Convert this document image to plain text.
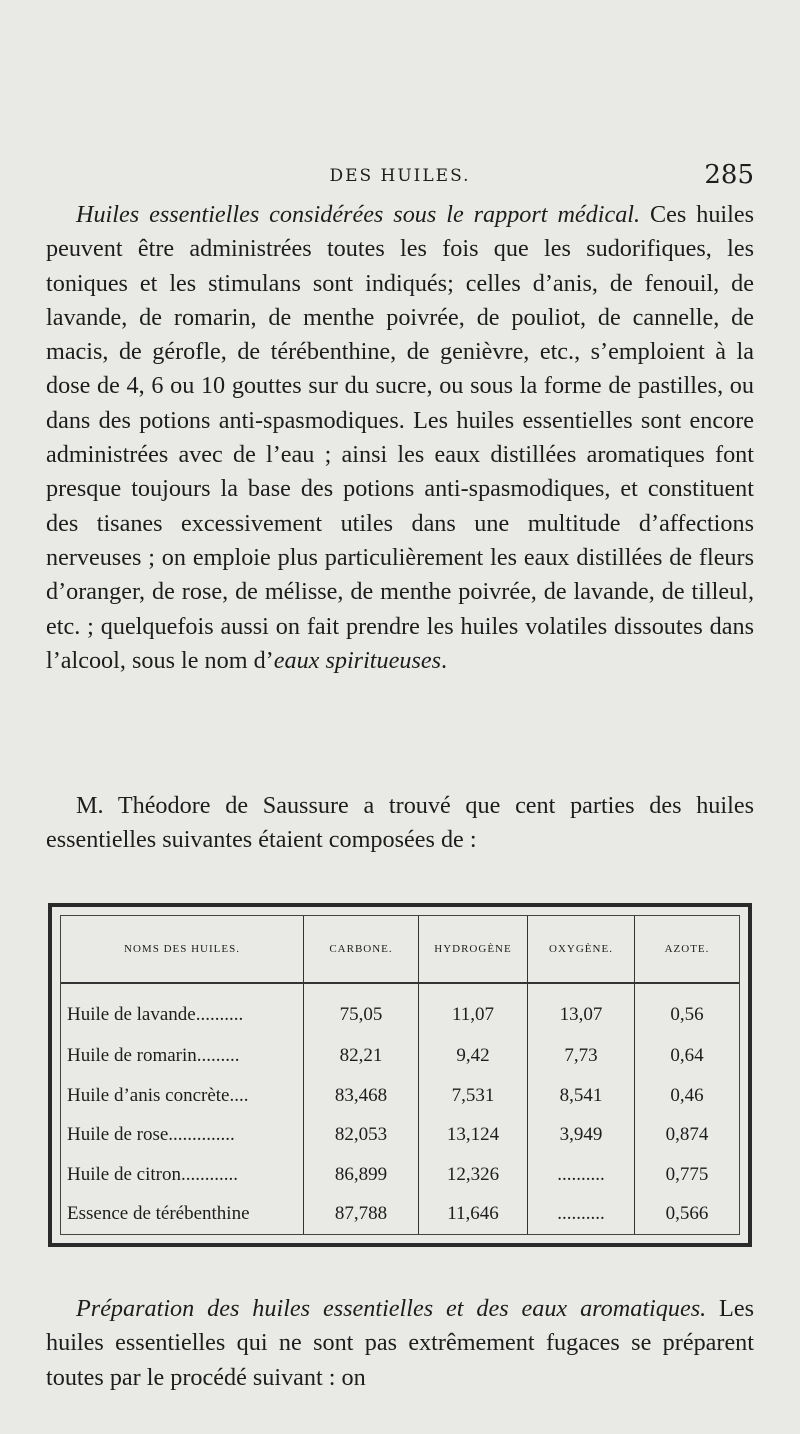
DES HUILES.	285

Huiles essentielles considérées sous le rapport médical. Ces huiles peuvent être administrées toutes les fois que les sudorifiques, les toniques et les stimulans sont indiqués; celles d’anis, de fenouil, de lavande, de romarin, de menthe poivrée, de pouliot, de cannelle, de macis, de gérofle, de térébenthine, de genièvre, etc., s’emploient à la dose de 4, 6 ou 10 gouttes sur du sucre, ou sous la forme de pastilles, ou dans des potions anti-spasmodiques. Les huiles essentielles sont encore administrées avec de l’eau ; ainsi les eaux distillées aromatiques font presque toujours la base des potions anti-spasmodiques, et constituent des tisanes excessivement utiles dans une multitude d’affections nerveuses ; on emploie plus particulièrement les eaux distillées de fleurs d’oranger, de rose, de mélisse, de menthe poivrée, de lavande, de tilleul, etc. ; quelquefois aussi on fait prendre les huiles volatiles dissoutes dans l’alcool, sous le nom d’eaux spiritueuses.

M. Théodore de Saussure a trouvé que cent parties des huiles essentielles suivantes étaient composées de :

NOMS DES HUILES.	CARBONE.	HYDROGÈNE	OXYGÈNE.	AZOTE.
Huile de lavande..........	75,05	11,07	13,07	0,56
Huile de romarin.........	82,21	9,42	7,73	0,64
Huile d’anis concrète....	83,468	7,531	8,541	0,46
Huile de rose..............	82,053	13,124	3,949	0,874
Huile de citron............	86,899	12,326	..........	0,775
Essence de térébenthine	87,788	11,646	..........	0,566

Préparation des huiles essentielles et des eaux aromatiques. Les huiles essentielles qui ne sont pas extrêmement fugaces se préparent toutes par le procédé suivant : on
